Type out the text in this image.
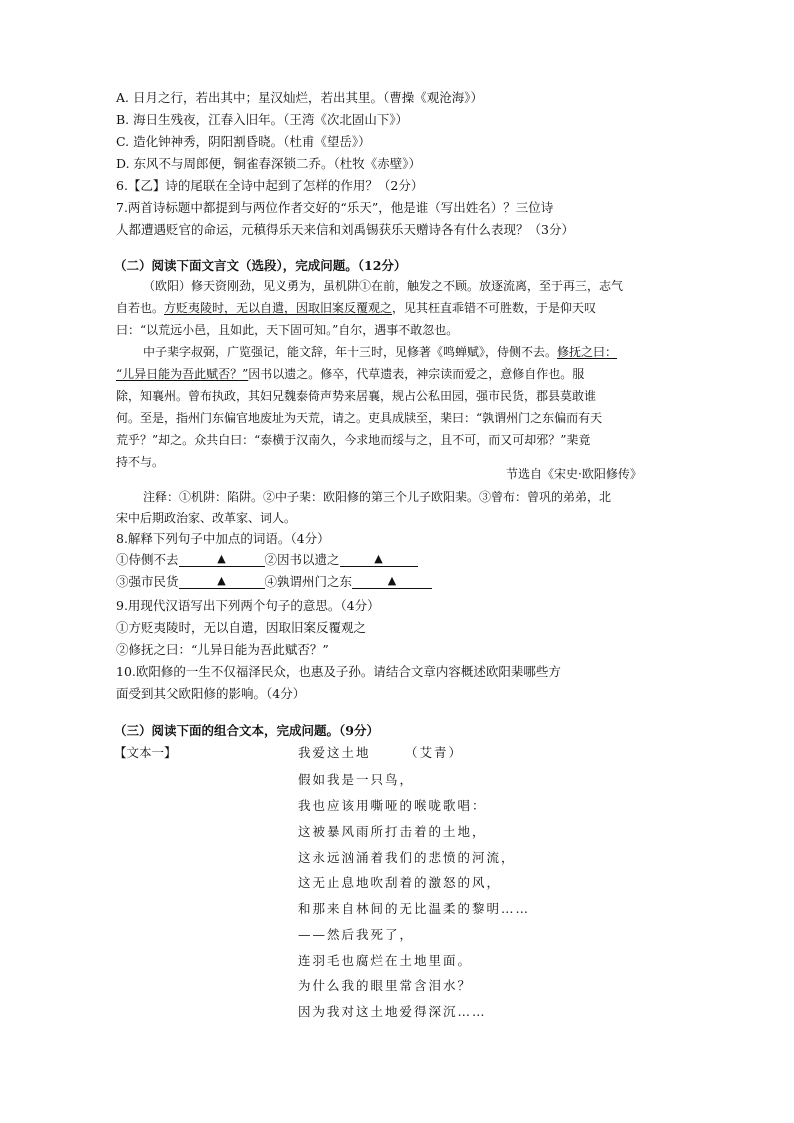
A. 日月之行，若出其中；星汉灿烂，若出其里。（曹操《观沧海》）
B. 海日生残夜，江春入旧年。（王湾《次北固山下》）
C. 造化钟神秀，阴阳割昏晓。（杜甫《望岳》）
D. 东风不与周郎便，铜雀春深锁二乔。（杜牧《赤壁》）
6.【乙】诗的尾联在全诗中起到了怎样的作用？（2分）
7.两首诗标题中都提到与两位作者交好的“乐天”，他是谁（写出姓名）？三位诗
人都遭遇贬官的命运，元稹得乐天来信和刘禹锡获乐天赠诗各有什么表现？（3分）
（二）阅读下面文言文（选段），完成问题。（12分）
（欧阳）修天资刚劲，见义勇为，虽机阱①在前，触发之不顾。放逐流离，至于再三，志气
自若也。方贬夷陵时，无以自遣，因取旧案反覆观之，见其枉直乖错不可胜数，于是仰天叹
曰：“以荒远小邑，且如此，天下固可知。”自尔，遇事不敢忽也。
中子棐字叔弼，广览强记，能文辞，年十三时，见修著《鸣蝉赋》，侍侧不去。修抚之曰：
“儿异日能为吾此赋否？”因书以遗之。修卒，代草遗表，神宗读而爱之，意修自作也。服
除，知襄州。曾布执政，其妇兄魏泰倚声势来居襄，规占公私田园，强市民货，郡县莫敢谁
何。至是，指州门东偏官地废址为天荒，请之。吏具成牍至，棐曰：“孰谓州门之东偏而有天
荒乎？”却之。众共白曰：“泰横于汉南久，今求地而绥与之，且不可，而又可却邪？”棐竟
持不与。
节选自《宋史·欧阳修传》
注释：①机阱：陷阱。②中子棐：欧阳修的第三个儿子欧阳棐。③曾布：曾巩的弟弟，北
宋中后期政治家、改革家、词人。
8.解释下列句子中加点的词语。（4分）
①侍侧不去	▲	②因书以遗之	▲
③强市民货	▲	④孰谓州门之东	▲
9.用现代汉语写出下列两个句子的意思。（4分）
①方贬夷陵时，无以自遣，因取旧案反覆观之
②修抚之曰：“儿异日能为吾此赋否？”
10.欧阳修的一生不仅福泽民众，也惠及子孙。请结合文章内容概述欧阳棐哪些方
面受到其父欧阳修的影响。（4分）
（三）阅读下面的组合文本，完成问题。（9分）
【文本一】	我爱这土地	（艾青）
假如我是一只鸟，
我也应该用嘶哑的喉咙歌唱：
这被暴风雨所打击着的土地，
这永远汹涌着我们的悲愤的河流，
这无止息地吹刮着的激怒的风，
和那来自林间的无比温柔的黎明……
——然后我死了，
连羽毛也腐烂在土地里面。
为什么我的眼里常含泪水？
因为我对这土地爱得深沉……
